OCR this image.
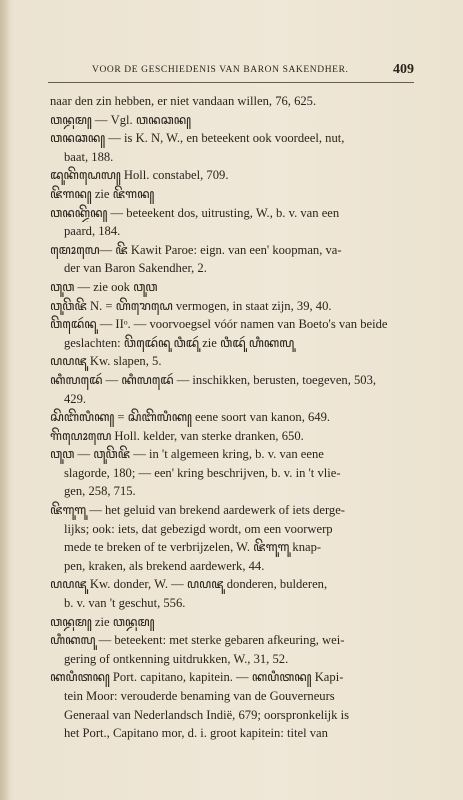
VOOR DE GESCHIEDENIS VAN BARON SAKENDHER.	409
naar den zin hebben, er niet vandaan willen, 76, 625.
ꦮꦤ꧀ꦝꦩ꧀ — Vgl. ꦮꦤꦕꦤ꧀
ꦮꦤꦕꦤ꧀ — is K. N, W., en beteekent ook voordeel, nut,
baat, 188.
ꦢꦸꦏꦼꦝꦺꦭ꧀ Holl. constabel, 709.
ꦗꦼꦒꦤ꧀ zie ꦗꦼꦒꦤ꧀
ꦮꦤꦏ꧀ꦢꦼꦤ꧀ — beteekent dos, uitrusting, W., b. v. van een
paard, 184.
ꦩꦺꦴꦭꦺ— ꦗꦼ Kawit Paroe: eign. van een' koopman, va-
der van Baron Sakendher, 2.
ꦮꦸꦮ — zie ook ꦮꦸꦮ
ꦮꦸꦮꦼꦗꦼ N. = ꦲꦼꦫꦺꦝꦺ vermogen, in staat zijn, 39, 40.
ꦮꦼꦢꦺꦂꦤꦸ — IIᵒ. — voorvoegsel vóór namen van Boeto's van beide
geslachten: ꦮꦼꦢꦺꦂꦤꦸ ꦮꦶꦢꦸꦂ zie ꦮꦶꦢꦸꦂ ꦲꦶꦏꦭꦸ
ꦥꦥꦗꦸ Kw. slapen, 5.
ꦏꦶꦭꦢꦺꦂ — ꦏꦶꦭꦢꦺꦂ — inschikken, berusten, toegeven, 503,
429.
ꦱꦼꦧꦼꦭꦶꦏ꧀ = ꦱꦼꦧꦼꦭꦶꦏ꧀ eene soort van kanon, 649.
ꦒꦼꦥꦺꦴꦭꦺ Holl. kelder, van sterke dranken, 650.
ꦮꦸꦮ — ꦮꦸꦮꦼꦗꦼ — in 't algemeen kring, b. v. van eene
slagorde, 180; — een' kring beschrijven, b. v. in 't vlie-
gen, 258, 715.
ꦗꦼꦒꦸꦒꦸ — het geluid van brekend aardewerk of iets derge-
lijks; ook: iets, dat gebezigd wordt, om een voorwerp
mede te breken of te verbrijzelen, W. ꦗꦼꦒꦸꦒꦸ knap-
pen, kraken, als brekend aardewerk, 44.
ꦥꦥꦗꦸ Kw. donder, W. — ꦥꦥꦗꦸ donderen, bulderen,
b. v. van 't geschut, 556.
ꦮꦤ꧀ꦝꦩ꧀ zie ꦮꦤ꧀ꦝꦩ꧀
ꦲꦶꦏꦭꦸ — beteekent: met sterke gebaren afkeuring, wei-
gering of ontkenning uitdrukken, W., 31, 52.
ꦏꦥꦶꦠꦤ꧀ Port. capitano, kapitein. — ꦏꦥꦶꦠꦤ꧀ Kapi-
tein Moor: verouderde benaming van de Gouverneurs
Generaal van Nederlandsch Indië, 679; oorspronkelijk is
het Port., Capitano mor, d. i. groot kapitein: titel van
